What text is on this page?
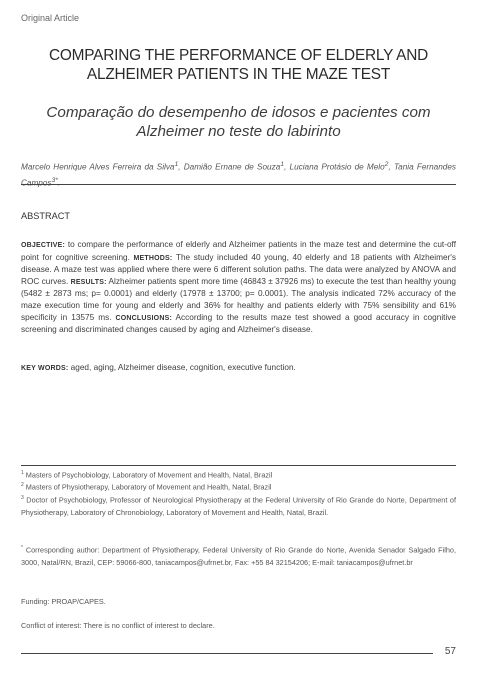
Original Article
COMPARING THE PERFORMANCE OF ELDERLY AND
ALZHEIMER PATIENTS IN THE MAZE TEST
Comparação do desempenho de idosos e pacientes com
Alzheimer no teste do labirinto
Marcelo Henrique Alves Ferreira da Silva$^1$, Damião Ernane de Souza$^1$, Luciana Protásio de Melo$^2$, Tania Fernandes Campos$^{3*}$.
ABSTRACT
OBJECTIVE: to compare the performance of elderly and Alzheimer patients in the maze test and determine the cut-off point for cognitive screening. METHODS: The study included 40 young, 40 elderly and 18 patients with Alzheimer's disease. A maze test was applied where there were 6 different solution paths. The data were analyzed by ANOVA and ROC curves. RESULTS: Alzheimer patients spent more time (46843 ± 37926 ms) to execute the test than healthy young (5482 ± 2873 ms; p= 0.0001) and elderly (17978 ± 13700; p= 0.0001). The analysis indicated 72% accuracy of the maze execution time for young and elderly and 36% for healthy and patients elderly with 75% sensibility and 61% specificity in 13575 ms. CONCLUSIONS: According to the results maze test showed a good accuracy in cognitive screening and discriminated changes caused by aging and Alzheimer's disease.
KEY WORDS: aged, aging, Alzheimer disease, cognition, executive function.
$^1$ Masters of Psychobiology, Laboratory of Movement and Health, Natal, Brazil
$^2$ Masters of Physiotherapy, Laboratory of Movement and Health, Natal, Brazil
$^3$ Doctor of Psychobiology, Professor of Neurological Physiotherapy at the Federal University of Rio Grande do Norte, Department of Physiotherapy, Laboratory of Chronobiology, Laboratory of Movement and Health, Natal, Brazil.
* Corresponding author: Department of Physiotherapy, Federal University of Rio Grande do Norte, Avenida Senador Salgado Filho, 3000, Natal/RN, Brazil, CEP: 59066-800, taniacampos@ufrnet.br, Fax: +55 84 32154206; E-mail: taniacampos@ufrnet.br
Funding: PROAP/CAPES.
Conflict of interest: There is no conflict of interest to declare.
57
